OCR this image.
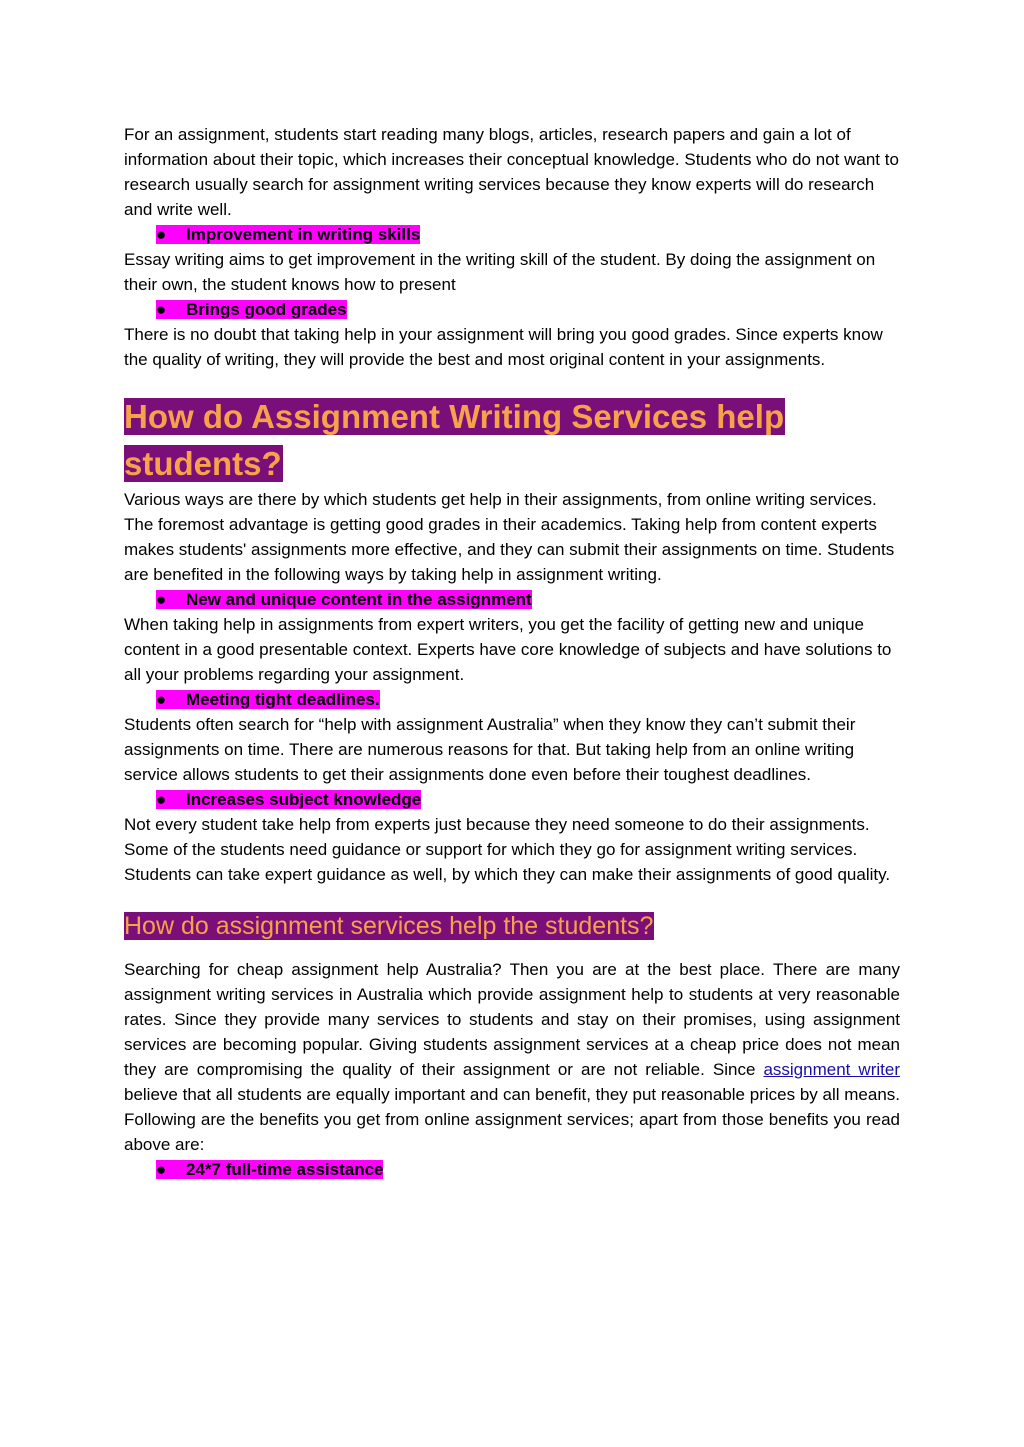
For an assignment, students start reading many blogs, articles, research papers and gain a lot of information about their topic, which increases their conceptual knowledge. Students who do not want to research usually search for assignment writing services because they know experts will do research and write well.

● Improvement in writing skills

Essay writing aims to get improvement in the writing skill of the student. By doing the assignment on their own, the student knows how to present

● Brings good grades

There is no doubt that taking help in your assignment will bring you good grades. Since experts know the quality of writing, they will provide the best and most original content in your assignments.

How do Assignment Writing Services help
students?

Various ways are there by which students get help in their assignments, from online writing services. The foremost advantage is getting good grades in their academics. Taking help from content experts makes students' assignments more effective, and they can submit their assignments on time. Students are benefited in the following ways by taking help in assignment writing.

● New and unique content in the assignment

When taking help in assignments from expert writers, you get the facility of getting new and unique content in a good presentable context. Experts have core knowledge of subjects and have solutions to all your problems regarding your assignment.

● Meeting tight deadlines.

Students often search for “help with assignment Australia” when they know they can’t submit their assignments on time. There are numerous reasons for that. But taking help from an online writing service allows students to get their assignments done even before their toughest deadlines.

● Increases subject knowledge

Not every student take help from experts just because they need someone to do their assignments. Some of the students need guidance or support for which they go for assignment writing services. Students can take expert guidance as well, by which they can make their assignments of good quality.

How do assignment services help the students?

Searching for cheap assignment help Australia? Then you are at the best place. There are many assignment writing services in Australia which provide assignment help to students at very reasonable rates. Since they provide many services to students and stay on their promises, using assignment services are becoming popular. Giving students assignment services at a cheap price does not mean they are compromising the quality of their assignment or are not reliable. Since assignment writer believe that all students are equally important and can benefit, they put reasonable prices by all means. Following are the benefits you get from online assignment services; apart from those benefits you read above are:

● 24*7 full-time assistance
